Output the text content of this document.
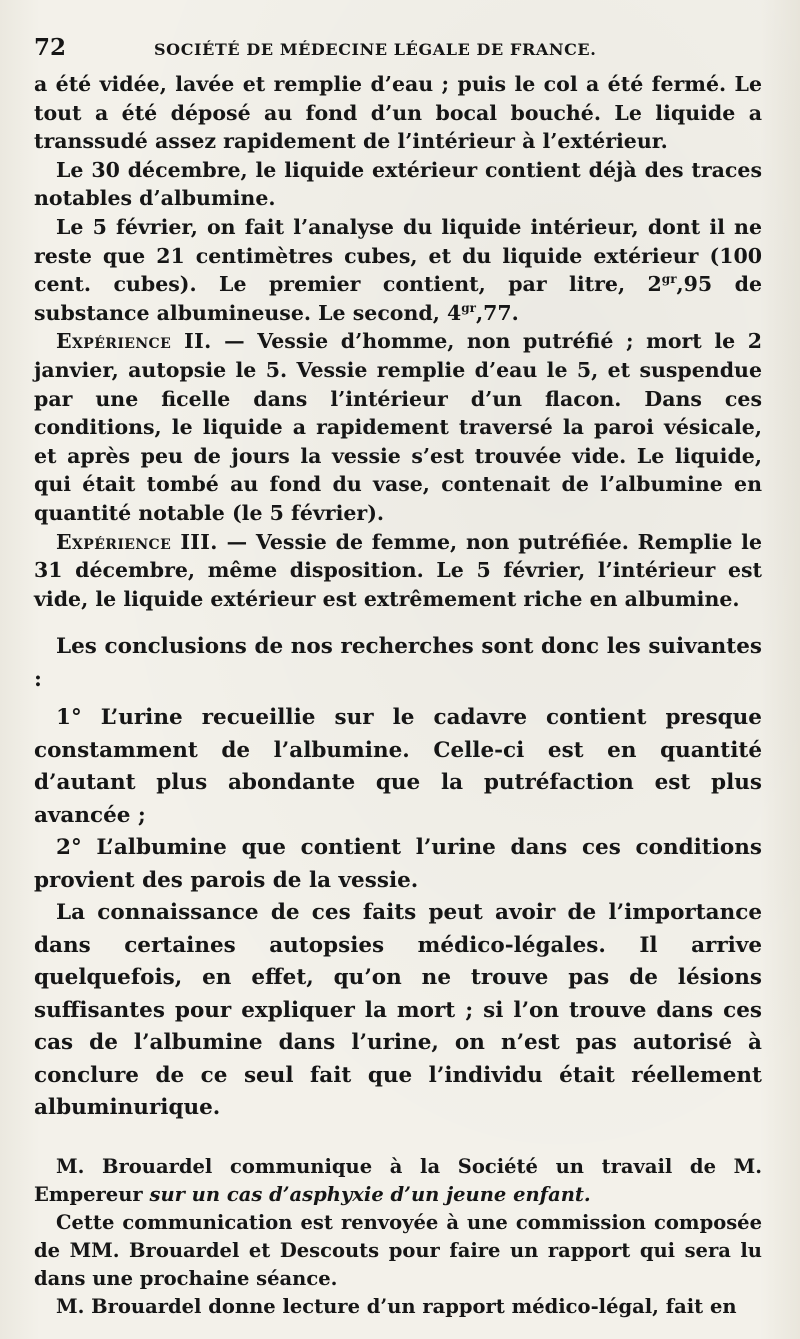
72	SOCIÉTÉ DE MÉDECINE LÉGALE DE FRANCE.

a été vidée, lavée et remplie d’eau ; puis le col a été fermé. Le tout a été déposé au fond d’un bocal bouché. Le liquide a transsudé assez rapidement de l’intérieur à l’extérieur.

Le 30 décembre, le liquide extérieur contient déjà des traces notables d’albumine.

Le 5 février, on fait l’analyse du liquide intérieur, dont il ne reste que 21 centimètres cubes, et du liquide extérieur (100 cent. cubes). Le premier contient, par litre, $2^{gr},95$ de substance albumineuse. Le second, $4^{gr},77$.

Expérience II. — Vessie d’homme, non putréfié ; mort le 2 janvier, autopsie le 5. Vessie remplie d’eau le 5, et suspendue par une ficelle dans l’intérieur d’un flacon. Dans ces conditions, le liquide a rapidement traversé la paroi vésicale, et après peu de jours la vessie s’est trouvée vide. Le liquide, qui était tombé au fond du vase, contenait de l’albumine en quantité notable (le 5 février).

Expérience III. — Vessie de femme, non putréfiée. Remplie le 31 décembre, même disposition. Le 5 février, l’intérieur est vide, le liquide extérieur est extrêmement riche en albumine.

Les conclusions de nos recherches sont donc les suivantes :

1° L’urine recueillie sur le cadavre contient presque constamment de l’albumine. Celle-ci est en quantité d’autant plus abondante que la putréfaction est plus avancée ;

2° L’albumine que contient l’urine dans ces conditions provient des parois de la vessie.

La connaissance de ces faits peut avoir de l’importance dans certaines autopsies médico-légales. Il arrive quelquefois, en effet, qu’on ne trouve pas de lésions suffisantes pour expliquer la mort ; si l’on trouve dans ces cas de l’albumine dans l’urine, on n’est pas autorisé à conclure de ce seul fait que l’individu était réellement albuminurique.

M. Brouardel communique à la Société un travail de M. Empereur sur un cas d’asphyxie d’un jeune enfant.

Cette communication est renvoyée à une commission composée de MM. Brouardel et Descouts pour faire un rapport qui sera lu dans une prochaine séance.

M. Brouardel donne lecture d’un rapport médico-légal, fait en
